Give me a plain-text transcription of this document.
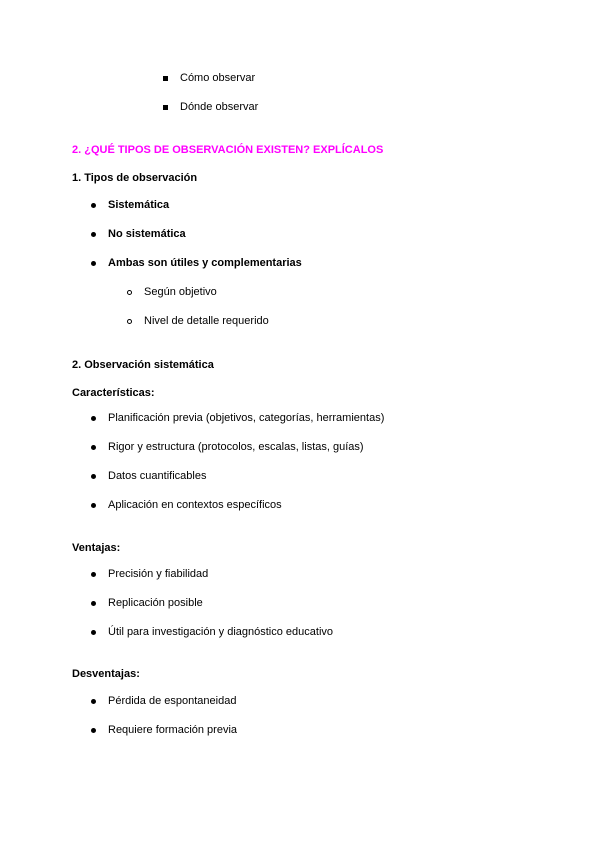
Cómo observar
Dónde observar
2. ¿QUÉ TIPOS DE OBSERVACIÓN EXISTEN? EXPLÍCALOS
1. Tipos de observación
Sistemática
No sistemática
Ambas son útiles y complementarias
Según objetivo
Nivel de detalle requerido
2. Observación sistemática
Características:
Planificación previa (objetivos, categorías, herramientas)
Rigor y estructura (protocolos, escalas, listas, guías)
Datos cuantificables
Aplicación en contextos específicos
Ventajas:
Precisión y fiabilidad
Replicación posible
Útil para investigación y diagnóstico educativo
Desventajas:
Pérdida de espontaneidad
Requiere formación previa
